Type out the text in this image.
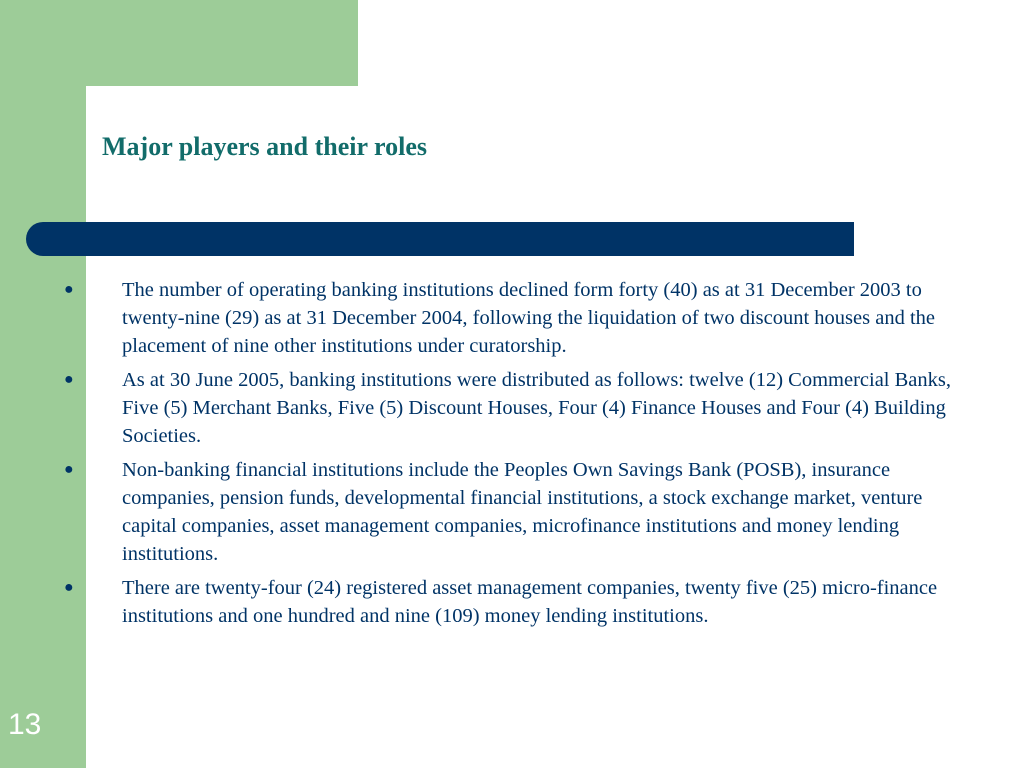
Major players and their roles
● The number of operating banking institutions declined form forty (40) as at 31 December 2003 to twenty-nine (29) as at 31 December 2004, following the liquidation of two discount houses and the placement of nine other institutions under curatorship.
● As at 30 June 2005, banking institutions were distributed as follows: twelve (12) Commercial Banks, Five (5) Merchant Banks, Five (5) Discount Houses, Four (4) Finance Houses and Four (4) Building Societies.
● Non-banking financial institutions include the Peoples Own Savings Bank (POSB), insurance companies, pension funds, developmental financial institutions, a stock exchange market, venture capital companies, asset management companies, microfinance institutions and money lending institutions.
● There are twenty-four (24) registered asset management companies, twenty five (25) micro-finance institutions and one hundred and nine (109) money lending institutions.
13
